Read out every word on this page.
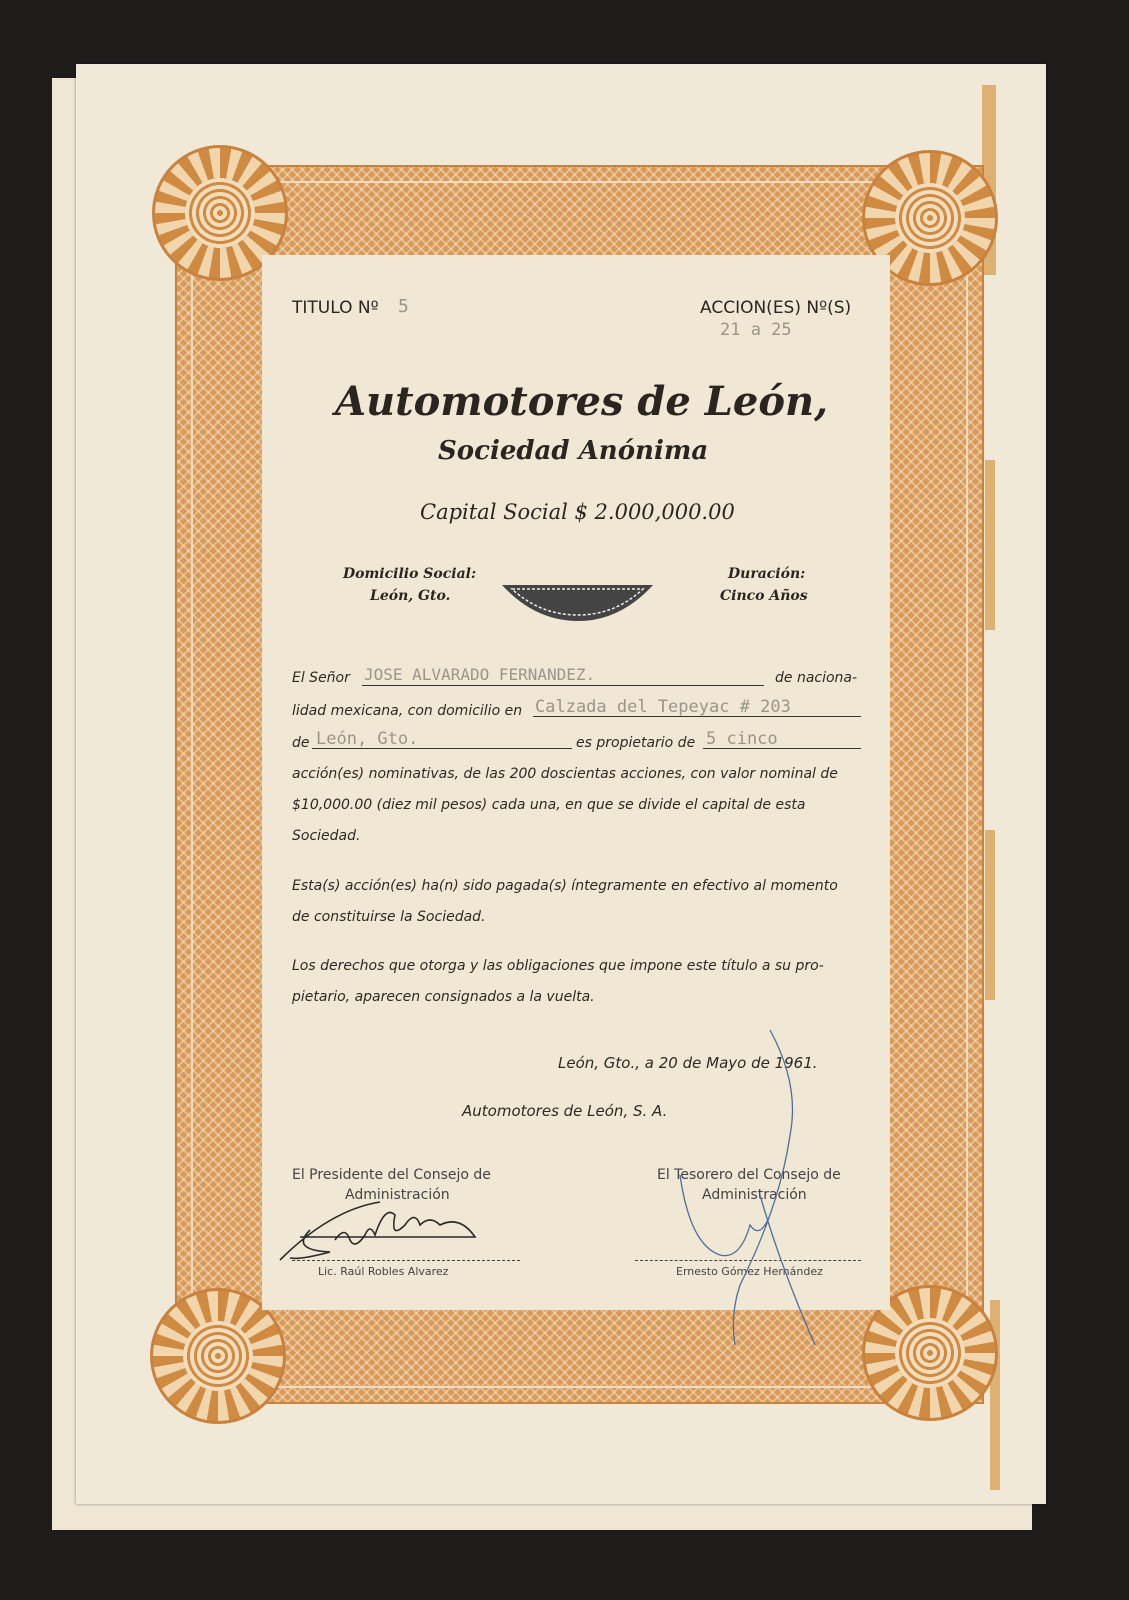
TITULO Nº 5	ACCION(ES) Nº(S)
21 a 25
Automotores de León,
Sociedad Anónima
Capital Social $ 2.000,000.00
Domicilio Social:
León, Gto.
Duración:
Cinco Años
El Señor JOSE ALVARADO FERNANDEZ.	de naciona-
lidad mexicana, con domicilio en Calzada del Tepeyac # 203
de León, Gto.	es propietario de 5 cinco
acción(es) nominativas, de las 200 doscientas acciones, con valor nominal de
$10,000.00 (diez mil pesos) cada una, en que se divide el capital de esta
Sociedad.
Esta(s) acción(es) ha(n) sido pagada(s) íntegramente en efectivo al momento
de constituirse la Sociedad.
Los derechos que otorga y las obligaciones que impone este título a su pro-
pietario, aparecen consignados a la vuelta.
León, Gto., a 20 de Mayo de 1961.
Automotores de León, S. A.
El Presidente del Consejo de
Administración
Lic. Raúl Robles Alvarez
El Tesorero del Consejo de
Administración
Ernesto Gómez Hernández
